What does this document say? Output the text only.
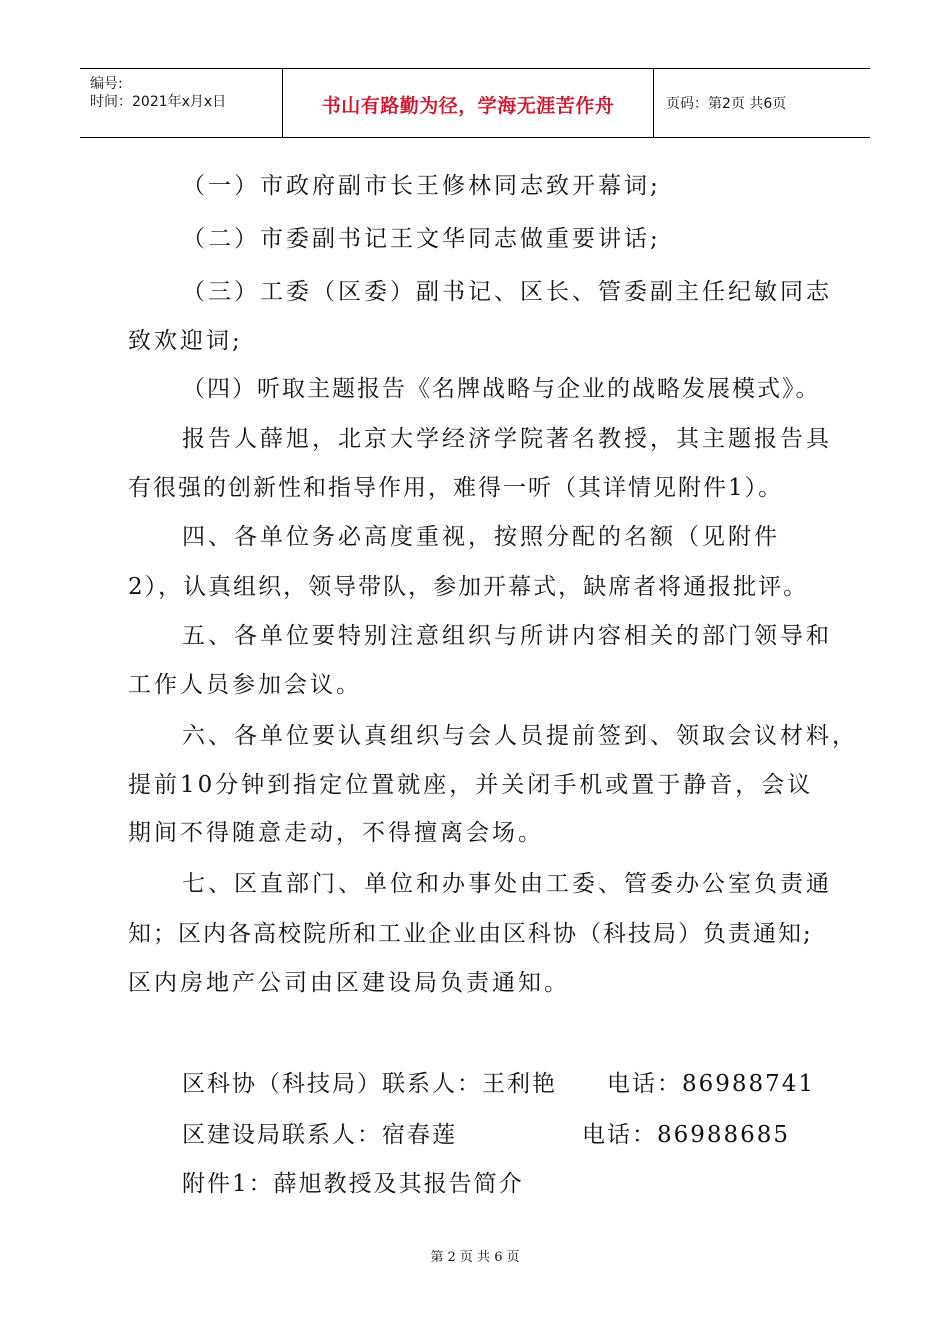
编号:
时间：2021年x月x日	书山有路勤为径，学海无涯苦作舟	页码：第2页 共6页
（一）市政府副市长王修林同志致开幕词;
（二）市委副书记王文华同志做重要讲话;
（三）工委（区委）副书记、区长、管委副主任纪敏同志
致欢迎词;
（四）听取主题报告《名牌战略与企业的战略发展模式》。
报告人薛旭，北京大学经济学院著名教授，其主题报告具
有很强的创新性和指导作用，难得一听（其详情见附件1）。
四、各单位务必高度重视，按照分配的名额（见附件
2），认真组织，领导带队，参加开幕式，缺席者将通报批评。
五、各单位要特别注意组织与所讲内容相关的部门领导和
工作人员参加会议。
六、各单位要认真组织与会人员提前签到、领取会议材料，
提前10分钟到指定位置就座，并关闭手机或置于静音，会议
期间不得随意走动，不得擅离会场。
七、区直部门、单位和办事处由工委、管委办公室负责通
知；区内各高校院所和工业企业由区科协（科技局）负责通知;
区内房地产公司由区建设局负责通知。
区科协（科技局）联系人：王利艳　　电话：86988741
区建设局联系人：宿春莲　　　　　电话：86988685
附件1：薛旭教授及其报告简介
第 2 页 共 6 页
